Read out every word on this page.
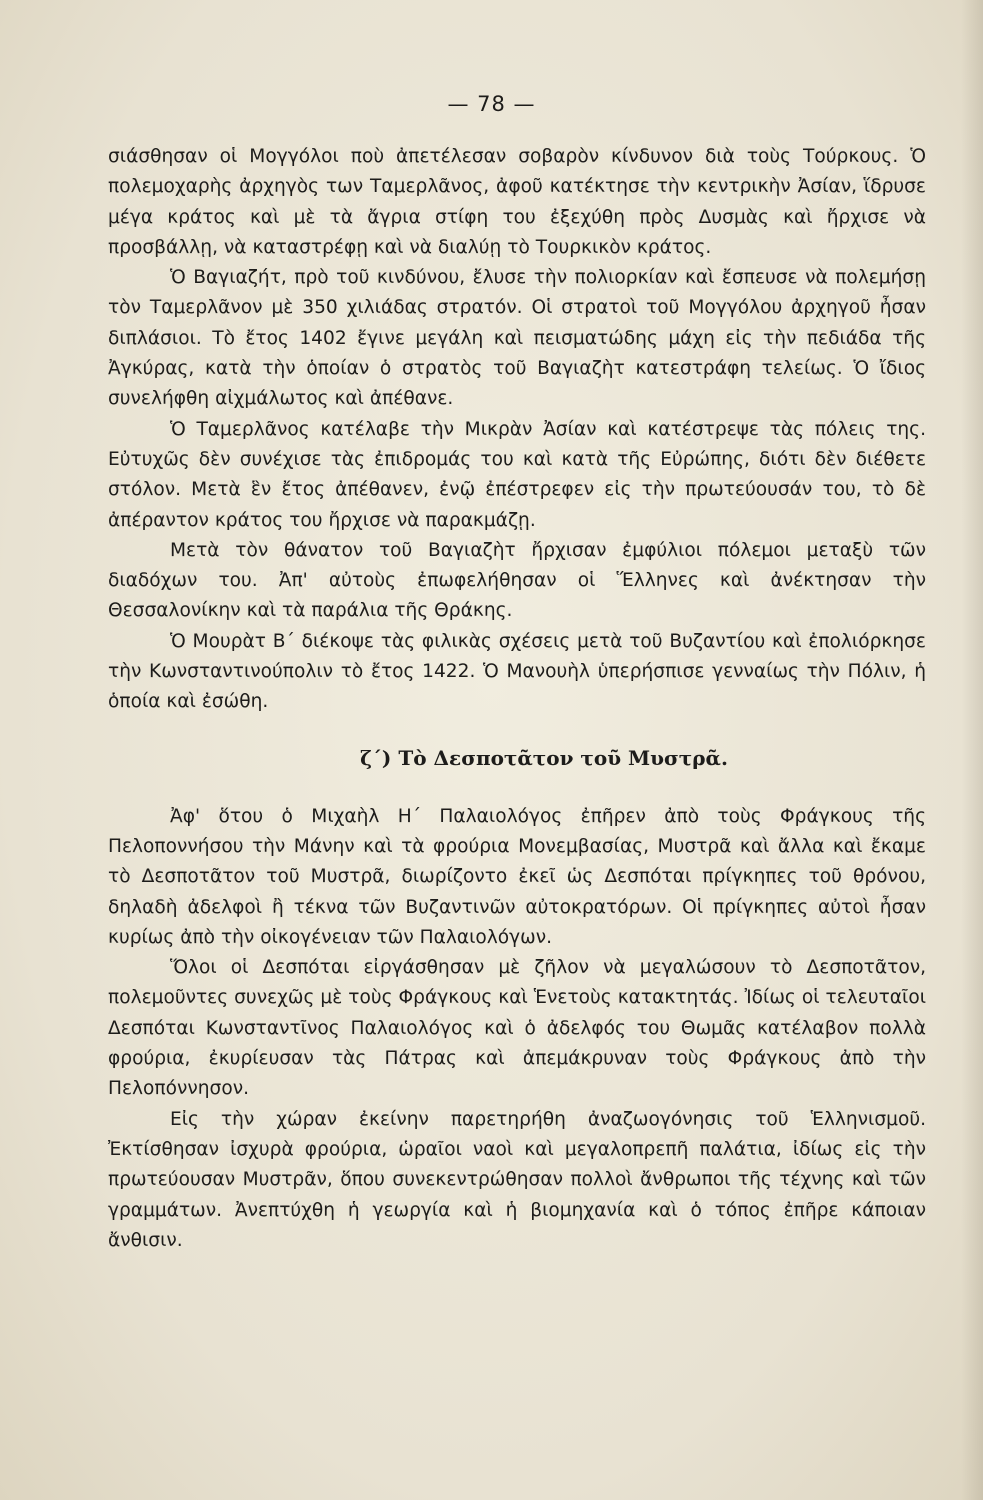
— 78 —

σιάσθησαν οἱ Μογγόλοι ποὺ ἀπετέλεσαν σοβαρὸν κίνδυνον διὰ τοὺς Τούρκους. Ὁ πολεμοχαρὴς ἀρχηγὸς των Ταμερλᾶνος, ἀφοῦ κατέκτησε τὴν κεντρικὴν Ἀσίαν, ἵδρυσε μέγα κράτος καὶ μὲ τὰ ἄγρια στίφη του ἐξεχύθη πρὸς Δυσμὰς καὶ ἤρχισε νὰ προσβάλλῃ, νὰ καταστρέφῃ καὶ νὰ διαλύῃ τὸ Τουρκικὸν κράτος.

Ὁ Βαγιαζήτ, πρὸ τοῦ κινδύνου, ἔλυσε τὴν πολιορκίαν καὶ ἔσπευσε νὰ πολεμήσῃ τὸν Ταμερλᾶνον μὲ 350 χιλιάδας στρατόν. Οἱ στρατοὶ τοῦ Μογγόλου ἀρχηγοῦ ἦσαν διπλάσιοι. Τὸ ἔτος 1402 ἔγινε μεγάλη καὶ πεισματώδης μάχη εἰς τὴν πεδιάδα τῆς Ἀγκύρας, κατὰ τὴν ὁποίαν ὁ στρατὸς τοῦ Βαγιαζὴτ κατεστράφη τελείως. Ὁ ἴδιος συνελήφθη αἰχμάλωτος καὶ ἀπέθανε.

Ὁ Ταμερλᾶνος κατέλαβε τὴν Μικρὰν Ἀσίαν καὶ κατέστρεψε τὰς πόλεις της. Εὐτυχῶς δὲν συνέχισε τὰς ἐπιδρομάς του καὶ κατὰ τῆς Εὐρώπης, διότι δὲν διέθετε στόλον. Μετὰ ἓν ἔτος ἀπέθανεν, ἐνῷ ἐπέστρεφεν εἰς τὴν πρωτεύουσάν του, τὸ δὲ ἀπέραντον κράτος του ἤρχισε νὰ παρακμάζῃ.

Μετὰ τὸν θάνατον τοῦ Βαγιαζὴτ ἤρχισαν ἐμφύλιοι πόλεμοι μεταξὺ τῶν διαδόχων του. Ἀπ' αὐτοὺς ἐπωφελήθησαν οἱ Ἕλληνες καὶ ἀνέκτησαν τὴν Θεσσαλονίκην καὶ τὰ παράλια τῆς Θράκης.

Ὁ Μουρὰτ Β΄ διέκοψε τὰς φιλικὰς σχέσεις μετὰ τοῦ Βυζαντίου καὶ ἐπολιόρκησε τὴν Κωνσταντινούπολιν τὸ ἔτος 1422. Ὁ Μανουὴλ ὑπερήσπισε γενναίως τὴν Πόλιν, ἡ ὁποία καὶ ἐσώθη.

ζ΄) Τὸ Δεσποτᾶτον τοῦ Μυστρᾶ.

Ἀφ' ὅτου ὁ Μιχαὴλ Η΄ Παλαιολόγος ἐπῆρεν ἀπὸ τοὺς Φράγκους τῆς Πελοποννήσου τὴν Μάνην καὶ τὰ φρούρια Μονεμβασίας, Μυστρᾶ καὶ ἄλλα καὶ ἔκαμε τὸ Δεσποτᾶτον τοῦ Μυστρᾶ, διωρίζοντο ἐκεῖ ὡς Δεσπόται πρίγκηπες τοῦ θρόνου, δηλαδὴ ἀδελφοὶ ἢ τέκνα τῶν Βυζαντινῶν αὐτοκρατόρων. Οἱ πρίγκηπες αὐτοὶ ἦσαν κυρίως ἀπὸ τὴν οἰκογένειαν τῶν Παλαιολόγων.

Ὅλοι οἱ Δεσπόται εἰργάσθησαν μὲ ζῆλον νὰ μεγαλώσουν τὸ Δεσποτᾶτον, πολεμοῦντες συνεχῶς μὲ τοὺς Φράγκους καὶ Ἑνετοὺς κατακτητάς. Ἰδίως οἱ τελευταῖοι Δεσπόται Κωνσταντῖνος Παλαιολόγος καὶ ὁ ἀδελφός του Θωμᾶς κατέλαβον πολλὰ φρούρια, ἐκυρίευσαν τὰς Πάτρας καὶ ἀπεμάκρυναν τοὺς Φράγκους ἀπὸ τὴν Πελοπόννησον.

Εἰς τὴν χώραν ἐκείνην παρετηρήθη ἀναζωογόνησις τοῦ Ἑλληνισμοῦ. Ἐκτίσθησαν ἰσχυρὰ φρούρια, ὡραῖοι ναοὶ καὶ μεγαλοπρεπῆ παλάτια, ἰδίως εἰς τὴν πρωτεύουσαν Μυστρᾶν, ὅπου συνεκεντρώθησαν πολλοὶ ἄνθρωποι τῆς τέχνης καὶ τῶν γραμμάτων. Ἀνεπτύχθη ἡ γεωργία καὶ ἡ βιομηχανία καὶ ὁ τόπος ἐπῆρε κάποιαν ἄνθισιν.
